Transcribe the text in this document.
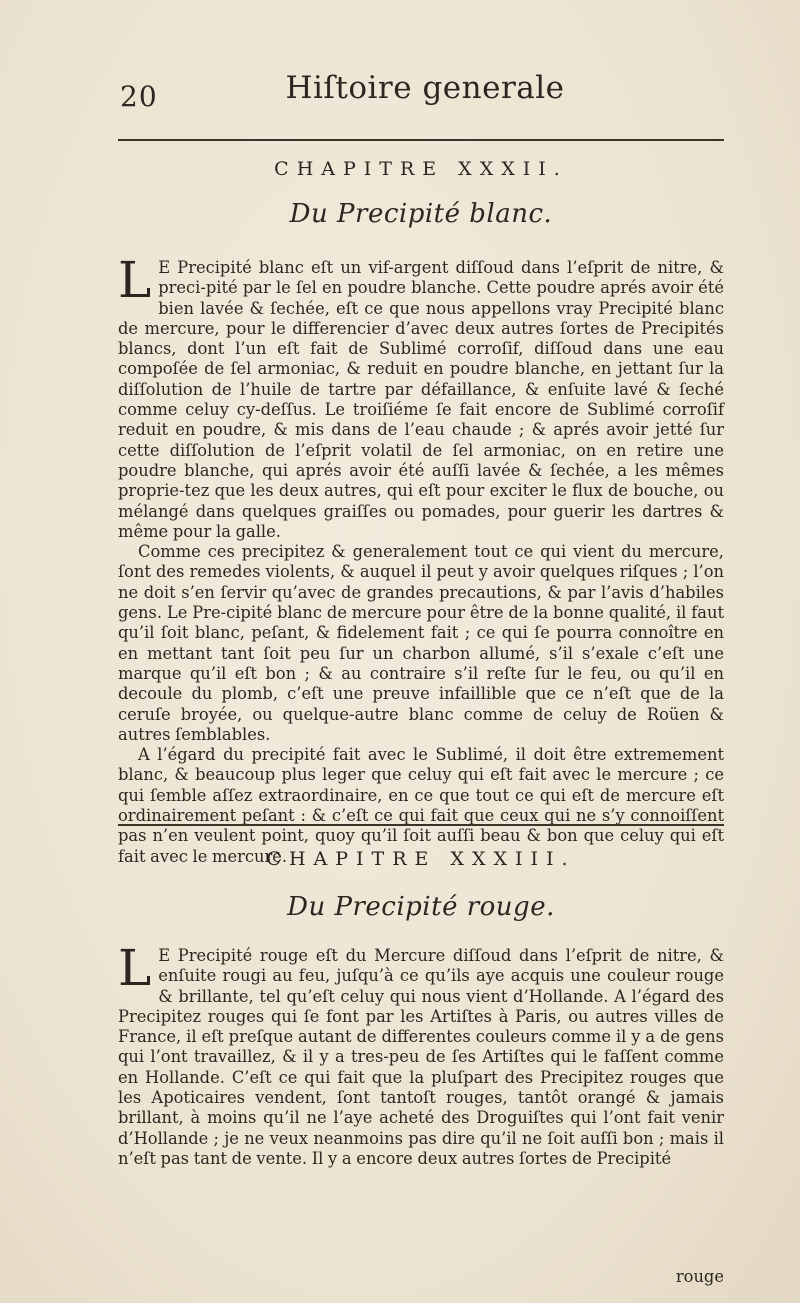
20	Hiſtoire generale
CHAPITRE XXXII.
Du Precipité blanc.

L E Precipité blanc eſt un vif-argent diſſoud dans l’eſprit de nitre, & preci-pité par le ſel en poudre blanche. Cette poudre aprés avoir été bien lavée & ſechée, eſt ce que nous appellons vray Precipité blanc de mercure, pour le differencier d’avec deux autres ſortes de Precipités blancs, dont l’un eſt fait de Sublimé corroſif, diſſoud dans une eau compoſée de ſel armoniac, & reduit en poudre blanche, en jettant ſur la diſſolution de l’huile de tartre par défaillance, & enſuite lavé & ſeché comme celuy cy-deſſus. Le troiſiéme ſe fait encore de Sublimé corroſif reduit en poudre, & mis dans de l’eau chaude ; & aprés avoir jetté ſur cette diſſolution de l’eſprit volatil de ſel armoniac, on en retire une poudre blanche, qui aprés avoir été auſſi lavée & ſechée, a les mêmes proprie-tez que les deux autres, qui eſt pour exciter le flux de bouche, ou mélangé dans quelques graiſſes ou pomades, pour guerir les dartres & même pour la galle.

Comme ces precipitez & generalement tout ce qui vient du mercure, ſont des remedes violents, & auquel il peut y avoir quelques riſques ; l’on ne doit s’en ſervir qu’avec de grandes precautions, & par l’avis d’habiles gens. Le Pre-cipité blanc de mercure pour être de la bonne qualité, il faut qu’il ſoit blanc, peſant, & fidelement fait ; ce qui ſe pourra connoître en en mettant tant ſoit peu ſur un charbon allumé, s’il s’exale c’eſt une marque qu’il eſt bon ; & au contraire s’il reſte ſur le feu, ou qu’il en decoule du plomb, c’eſt une preuve infaillible que ce n’eſt que de la ceruſe broyée, ou quelque-autre blanc comme de celuy de Roüen & autres ſemblables.

A l’égard du precipité fait avec le Sublimé, il doit être extremement blanc, & beaucoup plus leger que celuy qui eſt fait avec le mercure ; ce qui ſemble aſſez extraordinaire, en ce que tout ce qui eſt de mercure eſt ordinairement peſant : & c’eſt ce qui fait que ceux qui ne s’y connoiſſent pas n’en veulent point, quoy qu’il ſoit auſſi beau & bon que celuy qui eſt fait avec le mercure.

CHAPITRE XXXIII.
Du Precipité rouge.

L E Precipité rouge eſt du Mercure diſſoud dans l’eſprit de nitre, & enſuite rougi au feu, juſqu’à ce qu’ils aye acquis une couleur rouge & brillante, tel qu’eſt celuy qui nous vient d’Hollande. A l’égard des Precipitez rouges qui ſe font par les Artiſtes à Paris, ou autres villes de France, il eſt preſque autant de differentes couleurs comme il y a de gens qui l’ont travaillez, & il y a tres-peu de ſes Artiſtes qui le faſſent comme en Hollande. C’eſt ce qui fait que la pluſpart des Precipitez rouges que les Apoticaires vendent, ſont tantoſt rouges, tantôt orangé & jamais brillant, à moins qu’il ne l’aye acheté des Droguiſtes qui l’ont fait venir d’Hollande ; je ne veux neanmoins pas dire qu’il ne ſoit auſſi bon ; mais il n’eſt pas tant de vente. Il y a encore deux autres ſortes de Precipité

rouge
